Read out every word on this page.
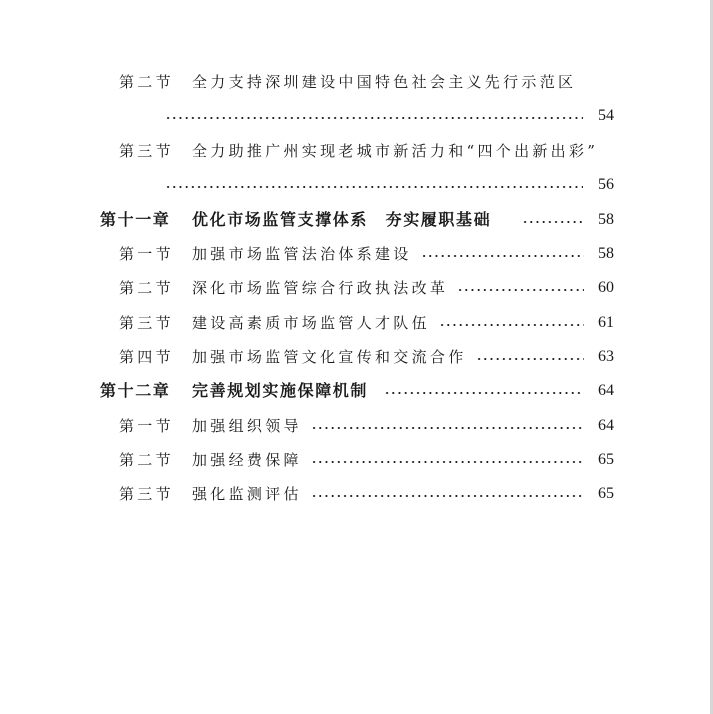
第二节 全力支持深圳建设中国特色社会主义先行示范区
54
第三节 全力助推广州实现老城市新活力和“四个出新出彩”
56
第十一章 优化市场监管支撑体系　夯实履职基础	58
第一节 加强市场监管法治体系建设	58
第二节 深化市场监管综合行政执法改革	60
第三节 建设高素质市场监管人才队伍	61
第四节 加强市场监管文化宣传和交流合作	63
第十二章 完善规划实施保障机制	64
第一节 加强组织领导	64
第二节 加强经费保障	65
第三节 强化监测评估	65
